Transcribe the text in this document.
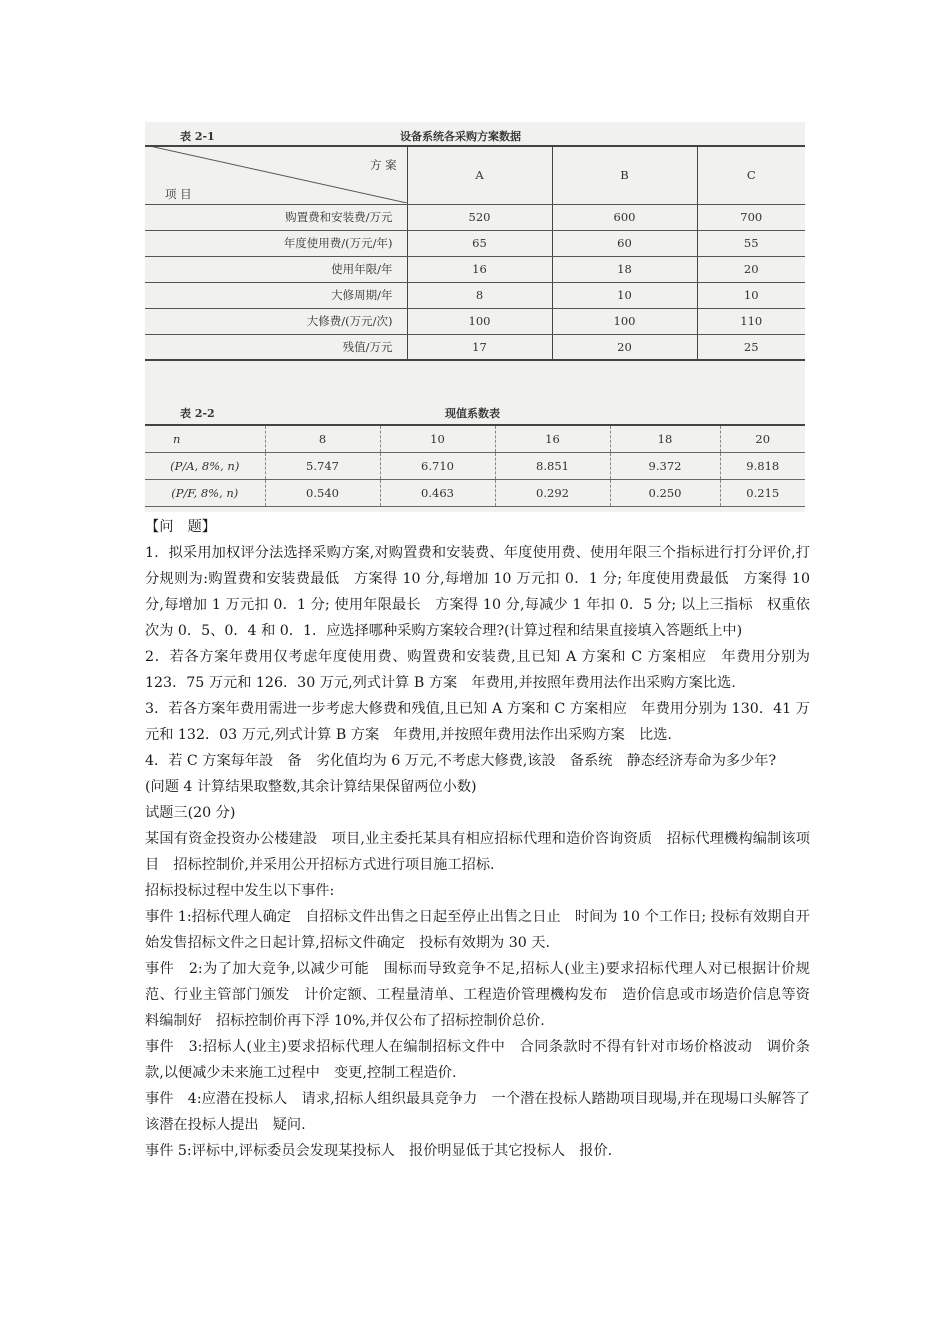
表 2-1	设备系统各采购方案数据
方 案
项 目
	A	B	C
购置费和安装费/万元	520	600	700
年度使用费/(万元/年)	65	60	55
使用年限/年	16	18	20
大修周期/年	8	10	10
大修费/(万元/次)	100	100	110
残值/万元	17	20	25
表 2-2	现值系数表
n	8	10	16	18	20
(P/A, 8%, n)	5.747	6.710	8.851	9.372	9.818
(P/F, 8%, n)	0.540	0.463	0.292	0.250	0.215

【问　题】

1．拟采用加权评分法选择采购方案,对购置费和安装费、年度使用费、使用年限三个指标进行打分评价,打分规则为:购置费和安装费最低　方案得 10 分,每增加 10 万元扣 0．1 分; 年度使用费最低　方案得 10 分,每增加 1 万元扣 0．1 分; 使用年限最长　方案得 10 分,每减少 1 年扣 0．5 分; 以上三指标　权重依次为 0．5、0．4 和 0．1．应选择哪种采购方案较合理?(计算过程和结果直接填入答题纸上中)

2．若各方案年费用仅考虑年度使用费、购置费和安装费,且已知 A 方案和 C 方案相应　年费用分别为 123．75 万元和 126．30 万元,列式计算 B 方案　年费用,并按照年费用法作出采购方案比选.

3．若各方案年费用需进一步考虑大修费和残值,且已知 A 方案和 C 方案相应　年费用分别为 130．41 万元和 132．03 万元,列式计算 B 方案　年费用,并按照年费用法作出采购方案　比选.

4．若 C 方案每年設　备　劣化值均为 6 万元,不考虑大修费,该設　备系统　静态经济寿命为多少年?

(问题 4 计算结果取整数,其余计算结果保留两位小数)

试题三(20 分)

某国有资金投资办公楼建設　项目,业主委托某具有相应招标代理和造价咨询资质　招标代理機构编制该项目　招标控制价,并采用公开招标方式进行项目施工招标.

招标投标过程中发生以下事件:

事件 1:招标代理人确定　自招标文件出售之日起至停止出售之日止　时间为 10 个工作日; 投标有效期自开始发售招标文件之日起计算,招标文件确定　投标有效期为 30 天.

事件　2:为了加大竞争,以减少可能　围标而导致竞争不足,招标人(业主)要求招标代理人对已根据计价规范、行业主管部门颁发　计价定额、工程量清单、工程造价管理機构发布　造价信息或市场造价信息等资料编制好　招标控制价再下浮 10%,并仅公布了招标控制价总价.

事件　3:招标人(业主)要求招标代理人在编制招标文件中　合同条款时不得有针对市场价格波动　调价条款,以便减少未来施工过程中　变更,控制工程造价.

事件　4:应潜在投标人　请求,招标人组织最具竞争力　一个潜在投标人踏勘项目现場,并在现場口头解答了该潜在投标人提出　疑问.

事件 5:评标中,评标委员会发现某投标人　报价明显低于其它投标人　报价.
